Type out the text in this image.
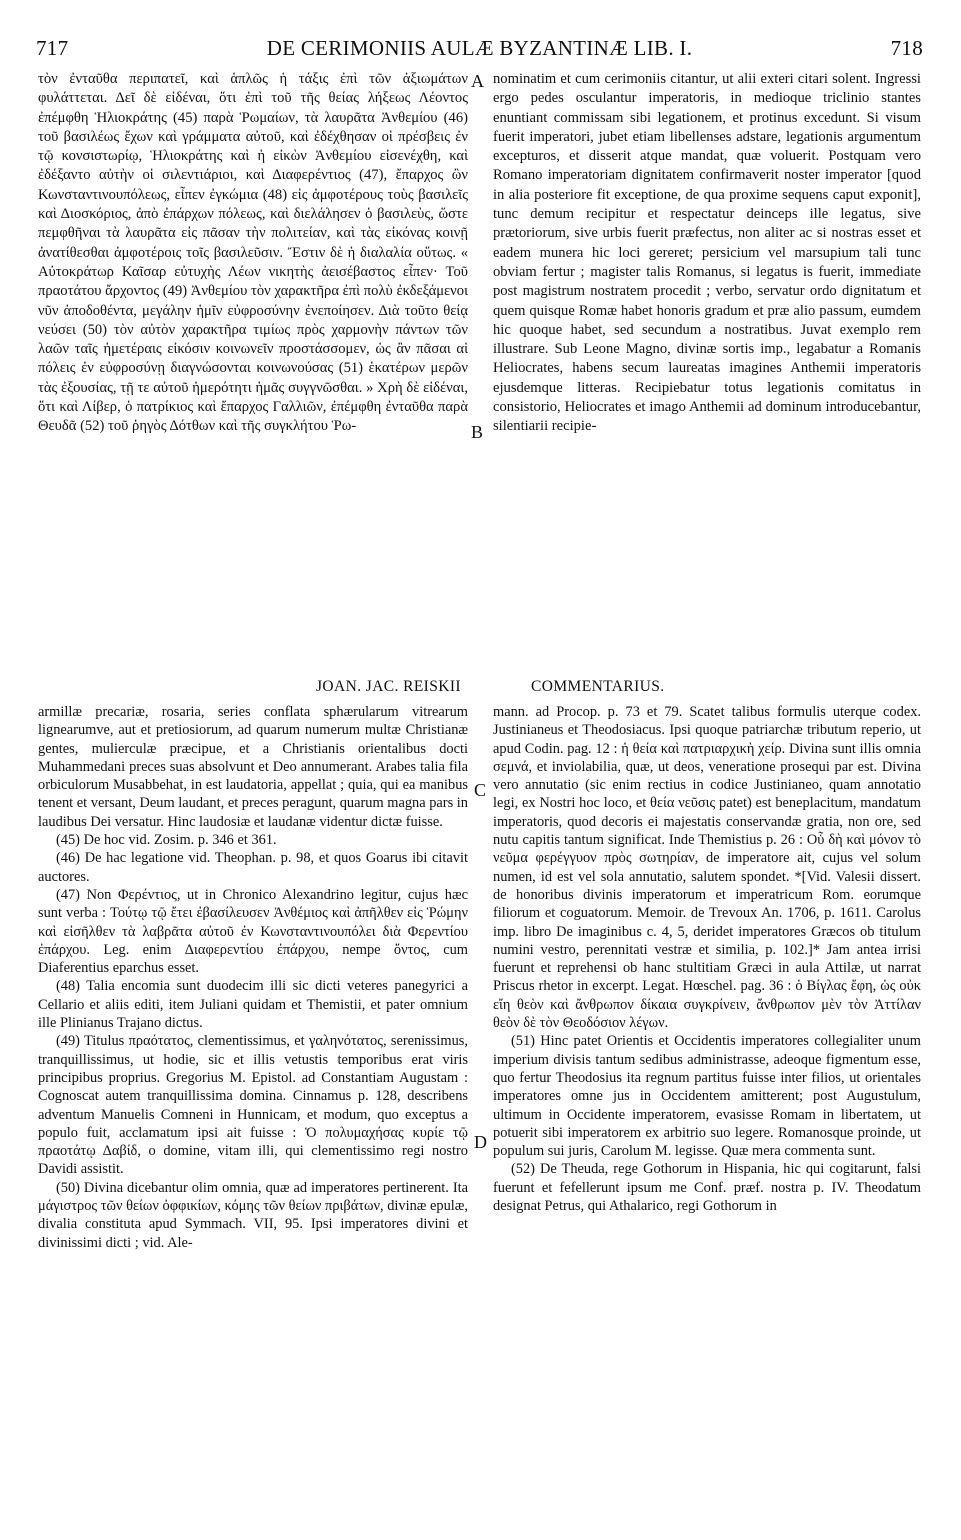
717	DE CERIMONIIS AULÆ BYZANTINÆ LIB. I.	718

τὸν ἐνταῦθα περιπατεῖ, καὶ ἁπλῶς ἡ τάξις ἐπὶ τῶν ἀξιωμάτων φυλάττεται. Δεῖ δὲ εἰδέναι, ὅτι ἐπὶ τοῦ τῆς θείας λήξεως Λέοντος ἐπέμφθη Ἡλιοκράτης (45) παρὰ Ῥωμαίων, τὰ λαυρᾶτα Ἀνθεμίου (46) τοῦ βασιλέως ἔχων καὶ γράμματα αὐτοῦ, καὶ ἐδέχθησαν οἱ πρέσβεις ἐν τῷ κονσιστωρίῳ, Ἡλιοκράτης καὶ ἡ εἰκὼν Ἀνθεμίου εἰσενέχθη, καὶ ἐδέξαντο αὐτὴν οἱ σιλεντιάριοι, καὶ Διαφερέντιος (47), ἔπαρχος ὢν Κωνσταντινουπόλεως, εἶπεν ἐγκώμια (48) εἰς ἀμφοτέρους τοὺς βασιλεῖς καὶ Διοσκόριος, ἀπὸ ἐπάρχων πόλεως, καὶ διελάλησεν ὁ βασιλεὺς, ὥστε πεμφθῆναι τὰ λαυρᾶτα εἰς πᾶσαν τὴν πολιτείαν, καὶ τὰς εἰκόνας κοινῇ ἀνατίθεσθαι ἀμφοτέροις τοῖς βασιλεῦσιν. Ἔστιν δὲ ἡ διαλαλία οὕτως. « Αὐτοκράτωρ Καῖσαρ εὐτυχὴς Λέων νικητὴς ἀεισέβαστος εἶπεν· Τοῦ πραοτάτου ἄρχοντος (49) Ἀνθεμίου τὸν χαρακτῆρα ἐπὶ πολὺ ἐκδεξάμενοι νῦν ἀποδοθέντα, μεγάλην ἡμῖν εὐφροσύνην ἐνεποίησεν. Διὰ τοῦτο θείᾳ νεύσει (50) τὸν αὐτὸν χαρακτῆρα τιμίως πρὸς χαρμονὴν πάντων τῶν λαῶν ταῖς ἡμετέραις εἰκόσιν κοινωνεῖν προστάσσομεν, ὡς ἂν πᾶσαι αἱ πόλεις ἐν εὐφροσύνῃ διαγνώσονται κοινωνούσας (51) ἑκατέρων μερῶν τὰς ἐξουσίας, τῇ τε αὐτοῦ ἡμερότητι ἡμᾶς συγγνῶσθαι. » Χρὴ δὲ εἰδέναι, ὅτι καὶ Λίβερ, ὁ πατρίκιος καὶ ἔπαρχος Γαλλιῶν, ἐπέμφθη ἐνταῦθα παρὰ Θευδᾶ (52) τοῦ ῥηγὸς Δότθων καὶ τῆς συγκλήτου Ῥω-

nominatim et cum cerimoniis citantur, ut alii exteri citari solent. Ingressi ergo pedes osculantur imperatoris, in medioque triclinio stantes enuntiant commissam sibi legationem, et protinus excedunt. Si visum fuerit imperatori, jubet etiam libellenses adstare, legationis argumentum excepturos, et disserit atque mandat, quæ voluerit. Postquam vero Romano imperatoriam dignitatem confirmaverit noster imperator [quod in alia posteriore fit exceptione, de qua proxime sequens caput exponit], tunc demum recipitur et respectatur deinceps ille legatus, sive prætoriorum, sive urbis fuerit præfectus, non aliter ac si nostras esset et eadem munera hic loci gereret; persicium vel marsupium tali tunc obviam fertur ; magister talis Romanus, si legatus is fuerit, immediate post magistrum nostratem procedit ; verbo, servatur ordo dignitatum et quem quisque Romæ habet honoris gradum et præ alio passum, eumdem hic quoque habet, sed secundum a nostratibus. Juvat exemplo rem illustrare. Sub Leone Magno, divinæ sortis imp., legabatur a Romanis Heliocrates, habens secum laureatas imagines Anthemii imperatoris ejusdemque litteras. Recipiebatur totus legationis comitatus in consistorio, Heliocrates et imago Anthemii ad dominum introducebantur, silentiarii recipie-

A
B
C
D
JOAN. JAC. REISKII	COMMENTARIUS.

armillæ precariæ, rosaria, series conflata sphærularum vitrearum lignearumve, aut et pretiosiorum, ad quarum numerum multæ Christianæ gentes, mulierculæ præcipue, et a Christianis orientalibus docti Muhammedani preces suas absolvunt et Deo annumerant. Arabes talia fila orbiculorum Musabbehat, in est laudatoria, appellat ; quia, qui ea manibus tenent et versant, Deum laudant, et preces peragunt, quarum magna pars in laudibus Dei versatur. Hinc laudosiæ et laudanæ videntur dictæ fuisse.

(45) De hoc vid. Zosim. p. 346 et 361.

(46) De hac legatione vid. Theophan. p. 98, et quos Goarus ibi citavit auctores.

(47) Non Φερέντιος, ut in Chronico Alexandrino legitur, cujus hæc sunt verba : Τούτῳ τῷ ἔτει ἐβασίλευσεν Ἀνθέμιος καὶ ἀπῆλθεν εἰς Ῥώμην καὶ εἰσῆλθεν τὰ λαβρᾶτα αὐτοῦ ἐν Κωνσταντινουπόλει διὰ Φερεντίου ἐπάρχου. Leg. enim Διαφερεντίου ἐπάρχου, nempe ὄντος, cum Diaferentius eparchus esset.

(48) Talia encomia sunt duodecim illi sic dicti veteres panegyrici a Cellario et aliis editi, item Juliani quidam et Themistii, et pater omnium ille Plinianus Trajano dictus.

(49) Titulus πραότατος, clementissimus, et γαληνότατος, serenissimus, tranquillissimus, ut hodie, sic et illis vetustis temporibus erat viris principibus proprius. Gregorius M. Epistol. ad Constantiam Augustam : Cognoscat autem tranquillissima domina. Cinnamus p. 128, describens adventum Manuelis Comneni in Hunnicam, et modum, quo exceptus a populo fuit, acclamatum ipsi ait fuisse : Ὁ πολυμαχήσας κυρίε τῷ πραοτάτῳ Δαβίδ, o domine, vitam illi, qui clementissimo regi nostro Davidi assistit.

(50) Divina dicebantur olim omnia, quæ ad imperatores pertinerent. Ita μάγιστρος τῶν θείων ὀφφικίων, κόμης τῶν θείων πριβάτων, divinæ epulæ, divalia constituta apud Symmach. VII, 95. Ipsi imperatores divini et divinissimi dicti ; vid. Ale-

mann. ad Procop. p. 73 et 79. Scatet talibus formulis uterque codex. Justinianeus et Theodosiacus. Ipsi quoque patriarchæ tributum reperio, ut apud Codin. pag. 12 : ἡ θεία καὶ πατριαρχικὴ χείρ. Divina sunt illis omnia σεμνά, et inviolabilia, quæ, ut deos, veneratione prosequi par est. Divina vero annutatio (sic enim rectius in codice Justinianeo, quam annotatio legi, ex Nostri hoc loco, et θεία νεῦσις patet) est beneplacitum, mandatum imperatoris, quod decoris ei majestatis conservandæ gratia, non ore, sed nutu capitis tantum significat. Inde Themistius p. 26 : Οὗ δὴ καὶ μόνον τὸ νεῦμα φερέγγυον πρὸς σωτηρίαν, de imperatore ait, cujus vel solum numen, id est vel sola annutatio, salutem spondet. *[Vid. Valesii dissert. de honoribus divinis imperatorum et imperatricum Rom. eorumque filiorum et coguatorum. Memoir. de Trevoux An. 1706, p. 1611. Carolus imp. libro De imaginibus c. 4, 5, deridet imperatores Græcos ob titulum numini vestro, perennitati vestræ et similia, p. 102.]* Jam antea irrisi fuerunt et reprehensi ob hanc stultitiam Græci in aula Attilæ, ut narrat Priscus rhetor in excerpt. Legat. Hœschel. pag. 36 : ὁ Βίγλας ἔφη, ὡς οὐκ εἴη θεὸν καὶ ἄνθρωπον δίκαια συγκρίνειν, ἄνθρωπον μὲν τὸν Ἀττίλαν θεὸν δὲ τὸν Θεοδόσιον λέγων.

(51) Hinc patet Orientis et Occidentis imperatores collegialiter unum imperium divisis tantum sedibus administrasse, adeoque figmentum esse, quo fertur Theodosius ita regnum partitus fuisse inter filios, ut orientales imperatores omne jus in Occidentem amitterent; post Augustulum, ultimum in Occidente imperatorem, evasisse Romam in libertatem, ut potuerit sibi imperatorem ex arbitrio suo legere. Romanosque proinde, ut populum sui juris, Carolum M. legisse. Quæ mera commenta sunt.

(52) De Theuda, rege Gothorum in Hispania, hic qui cogitarunt, falsi fuerunt et fefellerunt ipsum me Conf. præf. nostra p. IV. Theodatum designat Petrus, qui Athalarico, regi Gothorum in
